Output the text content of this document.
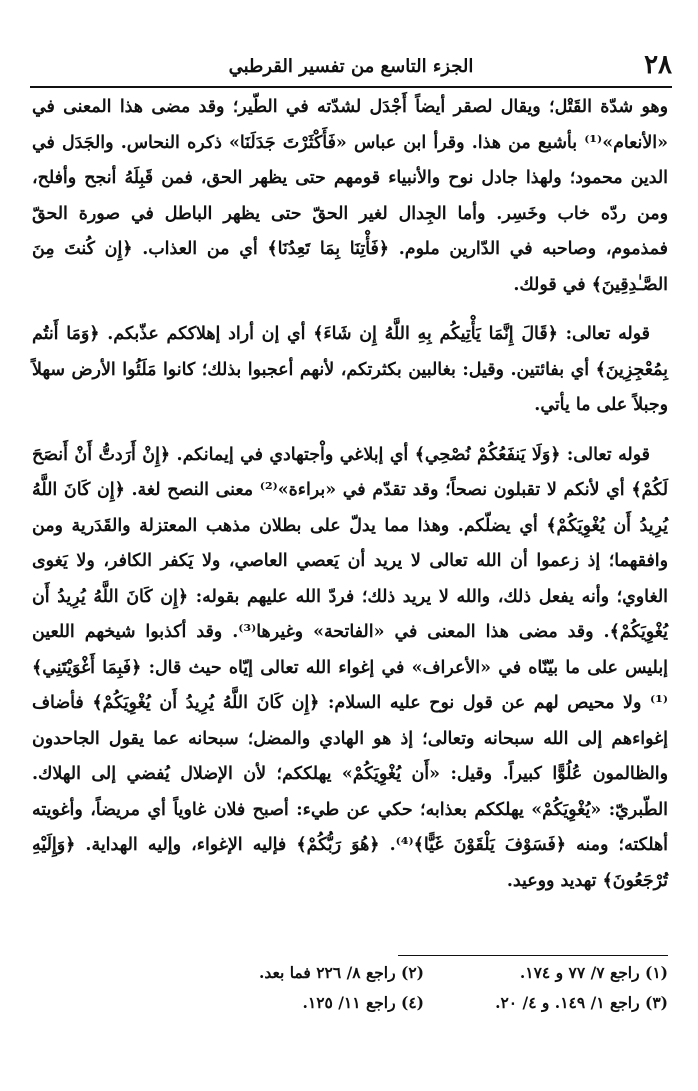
٢٨
الجزء التاسع من تفسير القرطبي

وهو شدّة القَتْل؛ ويقال لصقر أيضاً أَجْدَل لشدّته في الطّير؛ وقد مضى هذا المعنى في «الأنعام»⁽¹⁾ بأشبع من هذا. وقرأ ابن عباس «فَأَكْثَرْتَ جَدَلَنَا» ذكره النحاس. والجَدَل في الدين محمود؛ ولهذا جادل نوح والأنبياء قومهم حتى يظهر الحق، فمن قَبِلَهُ أنجح وأفلح، ومن ردّه خاب وخَسِر. وأما الجِدال لغير الحقّ حتى يظهر الباطل في صورة الحقّ فمذموم، وصاحبه في الدّارين ملوم. ﴿فَأْتِنَا بِمَا تَعِدُنَا﴾ أي من العذاب. ﴿إِن كُنتَ مِنَ الصَّـٰدِقِينَ﴾ في قولك.

قوله تعالى: ﴿قَالَ إِنَّمَا يَأْتِيكُم بِهِ اللَّهُ إِن شَاءَ﴾ أي إن أراد إهلاككم عذّبكم. ﴿وَمَا أَنتُم بِمُعْجِزِينَ﴾ أي بفائتين. وقيل: بغالبين بكثرتكم، لأنهم أعجبوا بذلك؛ كانوا مَلَئُوا الأرض سهلاً وجبلاً على ما يأتي.

قوله تعالى: ﴿وَلَا يَنفَعُكُمْ نُصْحِي﴾ أي إبلاغي واْجتهادي في إيمانكم. ﴿إِنْ أَرَدتُّ أَنْ أَنصَحَ لَكُمْ﴾ أي لأنكم لا تقبلون نصحاً؛ وقد تقدّم في «براءة»⁽²⁾ معنى النصح لغة. ﴿إِن كَانَ اللَّهُ يُرِيدُ أَن يُغْوِيَكُمْ﴾ أي يضلّكم. وهذا مما يدلّ على بطلان مذهب المعتزلة والقَدَرية ومن وافقهما؛ إذ زعموا أن الله تعالى لا يريد أن يَعصي العاصي، ولا يَكفر الكافر، ولا يَغوى الغاوي؛ وأنه يفعل ذلك، والله لا يريد ذلك؛ فردّ الله عليهم بقوله: ﴿إِن كَانَ اللَّهُ يُرِيدُ أَن يُغْوِيَكُمْ﴾. وقد مضى هذا المعنى في «الفاتحة» وغيرها⁽³⁾. وقد أكذبوا شيخهم اللعين إبليس على ما بيّنّاه في «الأعراف» في إغواء الله تعالى إيّاه حيث قال: ﴿فَبِمَا أَغْوَيْتَنِي﴾⁽¹⁾ ولا محيص لهم عن قول نوح عليه السلام: ﴿إِن كَانَ اللَّهُ يُرِيدُ أَن يُغْوِيَكُمْ﴾ فأضاف إغواءهم إلى الله سبحانه وتعالى؛ إذ هو الهادي والمضل؛ سبحانه عما يقول الجاحدون والظالمون عُلُوًّا كبيراً. وقيل: «أَن يُغْوِيَكُمْ» يهلككم؛ لأن الإضلال يُفضي إلى الهلاك. الطّبريّ: «يُغْوِيَكُمْ» يهلككم بعذابه؛ حكي عن طيء: أصبح فلان غاوياً أي مريضاً، وأغويته أهلكته؛ ومنه ﴿فَسَوْفَ يَلْقَوْنَ غَيًّا﴾⁽⁴⁾. ﴿هُوَ رَبُّكُمْ﴾ فإليه الإغواء، وإليه الهداية. ﴿وَإِلَيْهِ تُرْجَعُونَ﴾ تهديد ووعيد.

(١) راجع ٧/ ٧٧ و ١٧٤.
(٢) راجع ٨/ ٢٢٦ فما بعد.
(٣) راجع ١/ ١٤٩. و ٤/ ٢٠.
(٤) راجع ١١/ ١٢٥.
